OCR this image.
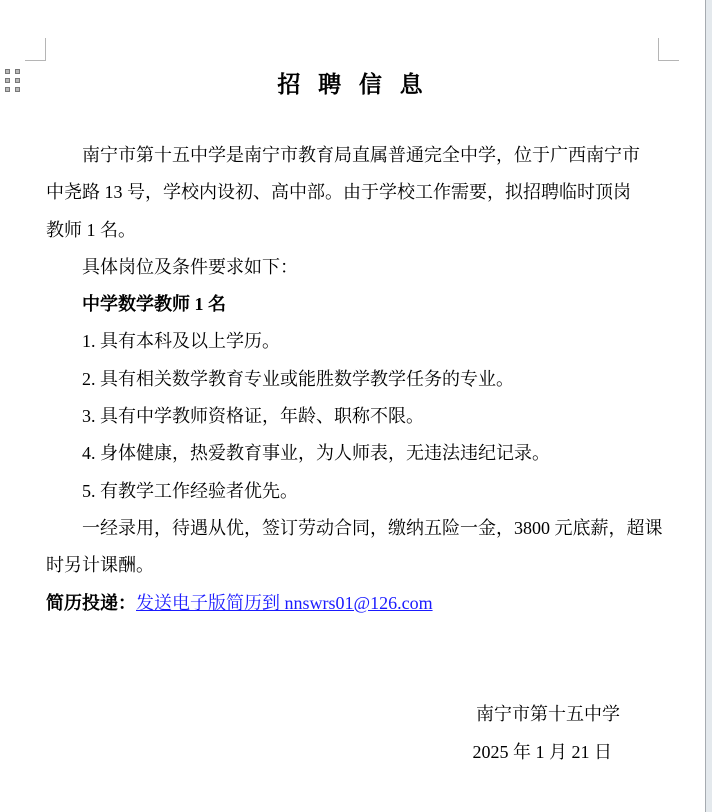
招 聘 信 息
南宁市第十五中学是南宁市教育局直属普通完全中学，位于广西南宁市
中尧路 13 号，学校内设初、高中部。由于学校工作需要，拟招聘临时顶岗
教师 1 名。
具体岗位及条件要求如下：
中学数学教师 1 名
1. 具有本科及以上学历。
2. 具有相关数学教育专业或能胜数学教学任务的专业。
3. 具有中学教师资格证，年龄、职称不限。
4. 身体健康，热爱教育事业，为人师表，无违法违纪记录。
5. 有教学工作经验者优先。
一经录用，待遇从优，签订劳动合同，缴纳五险一金，3800 元底薪，超课
时另计课酬。
简历投递：发送电子版简历到 nnswrs01@126.com
南宁市第十五中学
2025 年 1 月 21 日
